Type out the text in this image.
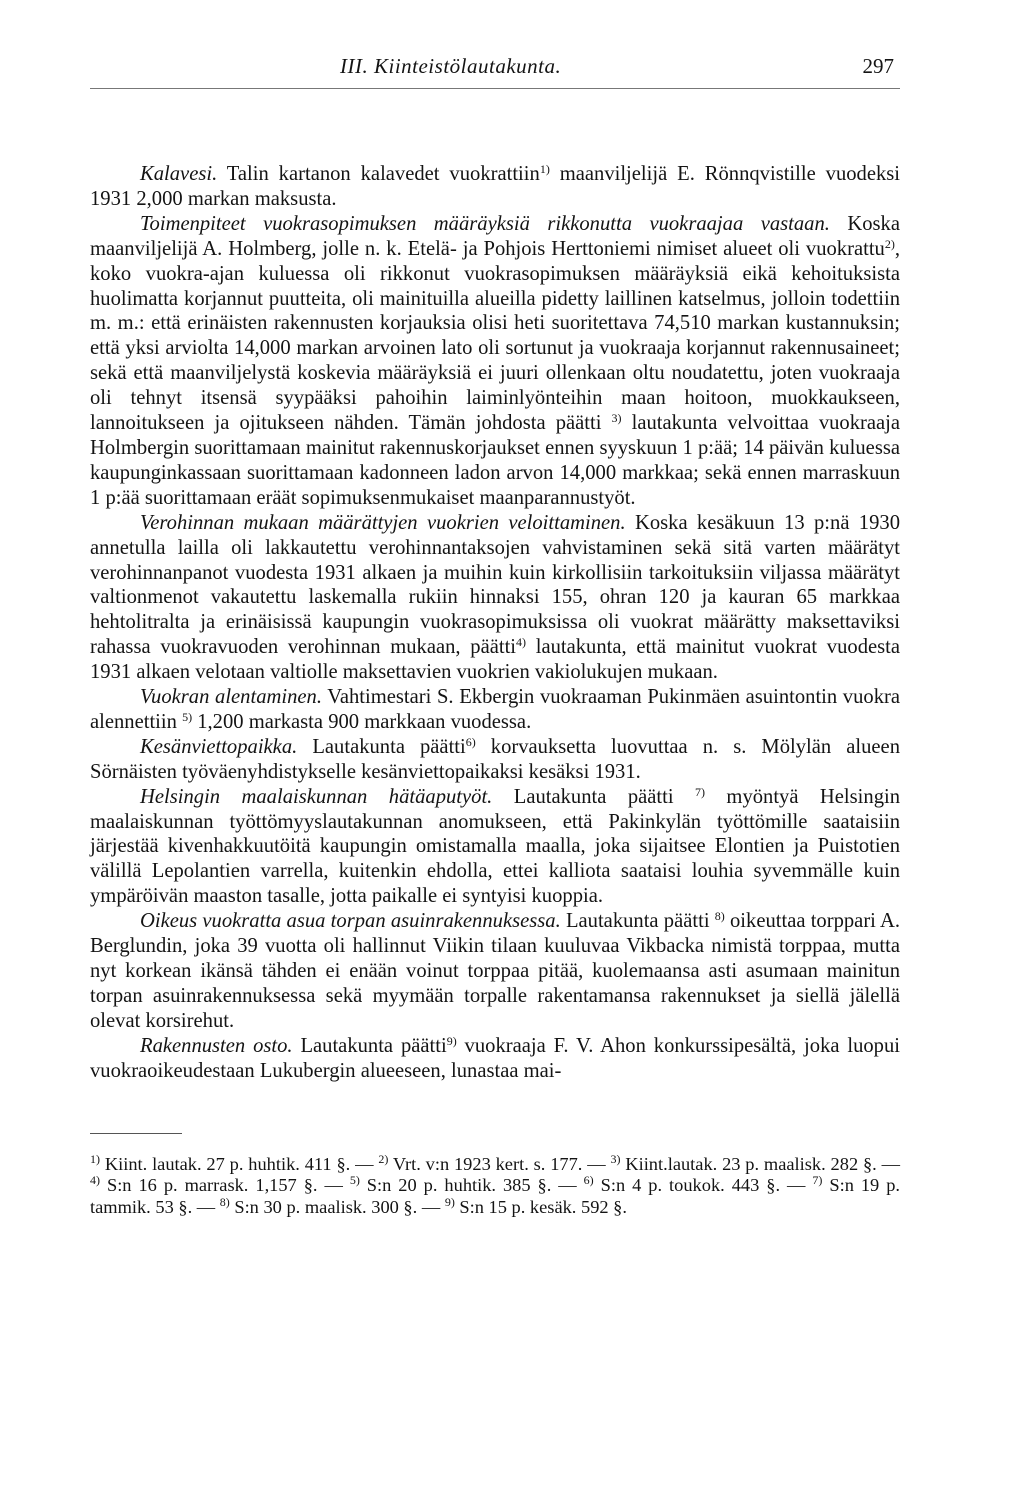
III. Kiinteistölautakunta.	297

Kalavesi. Talin kartanon kalavedet vuokrattiin$^{1)}$ maanviljelijä E. Rönnqvistille vuodeksi 1931 2,000 markan maksusta.

Toimenpiteet vuokrasopimuksen määräyksiä rikkonutta vuokraajaa vastaan. Koska maanviljelijä A. Holmberg, jolle n. k. Etelä- ja Pohjois Herttoniemi nimiset alueet oli vuokrattu$^{2)}$, koko vuokra-ajan kuluessa oli rikkonut vuokrasopimuksen määräyksiä eikä kehoituksista huolimatta korjannut puutteita, oli mainituilla alueilla pidetty laillinen katselmus, jolloin todettiin m. m.: että erinäisten rakennusten korjauksia olisi heti suoritettava 74,510 markan kustannuksin; että yksi arviolta 14,000 markan arvoinen lato oli sortunut ja vuokraaja korjannut rakennusaineet; sekä että maanviljelystä koskevia määräyksiä ei juuri ollenkaan oltu noudatettu, joten vuokraaja oli tehnyt itsensä syypääksi pahoihin laiminlyönteihin maan hoitoon, muokkaukseen, lannoitukseen ja ojitukseen nähden. Tämän johdosta päätti $^{3)}$ lautakunta velvoittaa vuokraaja Holmbergin suorittamaan mainitut rakennuskorjaukset ennen syyskuun 1 p:ää; 14 päivän kuluessa kaupunginkassaan suorittamaan kadonneen ladon arvon 14,000 markkaa; sekä ennen marraskuun 1 p:ää suorittamaan eräät sopimuksenmukaiset maanparannustyöt.

Verohinnan mukaan määrättyjen vuokrien veloittaminen. Koska kesäkuun 13 p:nä 1930 annetulla lailla oli lakkautettu verohinnantaksojen vahvistaminen sekä sitä varten määrätyt verohinnanpanot vuodesta 1931 alkaen ja muihin kuin kirkollisiin tarkoituksiin viljassa määrätyt valtionmenot vakautettu laskemalla rukiin hinnaksi 155, ohran 120 ja kauran 65 markkaa hehtolitralta ja erinäisissä kaupungin vuokrasopimuksissa oli vuokrat määrätty maksettaviksi rahassa vuokravuoden verohinnan mukaan, päätti$^{4)}$ lautakunta, että mainitut vuokrat vuodesta 1931 alkaen velotaan valtiolle maksettavien vuokrien vakiolukujen mukaan.

Vuokran alentaminen. Vahtimestari S. Ekbergin vuokraaman Pukinmäen asuintontin vuokra alennettiin $^{5)}$ 1,200 markasta 900 markkaan vuodessa.

Kesänviettopaikka. Lautakunta päätti$^{6)}$ korvauksetta luovuttaa n. s. Mölylän alueen Sörnäisten työväenyhdistykselle kesänviettopaikaksi kesäksi 1931.

Helsingin maalaiskunnan hätäaputyöt. Lautakunta päätti $^{7)}$ myöntyä Helsingin maalaiskunnan työttömyyslautakunnan anomukseen, että Pakinkylän työttömille saataisiin järjestää kivenhakkuutöitä kaupungin omistamalla maalla, joka sijaitsee Elontien ja Puistotien välillä Lepolantien varrella, kuitenkin ehdolla, ettei kalliota saataisi louhia syvemmälle kuin ympäröivän maaston tasalle, jotta paikalle ei syntyisi kuoppia.

Oikeus vuokratta asua torpan asuinrakennuksessa. Lautakunta päätti $^{8)}$ oikeuttaa torppari A. Berglundin, joka 39 vuotta oli hallinnut Viikin tilaan kuuluvaa Vikbacka nimistä torppaa, mutta nyt korkean ikänsä tähden ei enään voinut torppaa pitää, kuolemaansa asti asumaan mainitun torpan asuinrakennuksessa sekä myymään torpalle rakentamansa rakennukset ja siellä jälellä olevat korsirehut.

Rakennusten osto. Lautakunta päätti$^{9)}$ vuokraaja F. V. Ahon konkurssipesältä, joka luopui vuokraoikeudestaan Lukubergin alueeseen, lunastaa mai-

$^{1)}$ Kiint. lautak. 27 p. huhtik. 411 §. — $^{2)}$ Vrt. v:n 1923 kert. s. 177. — $^{3)}$ Kiint.lautak. 23 p. maalisk. 282 §. — $^{4)}$ S:n 16 p. marrask. 1,157 §. — $^{5)}$ S:n 20 p. huhtik. 385 §. — $^{6)}$ S:n 4 p. toukok. 443 §. — $^{7)}$ S:n 19 p. tammik. 53 §. — $^{8)}$ S:n 30 p. maalisk. 300 §. — $^{9)}$ S:n 15 p. kesäk. 592 §.
